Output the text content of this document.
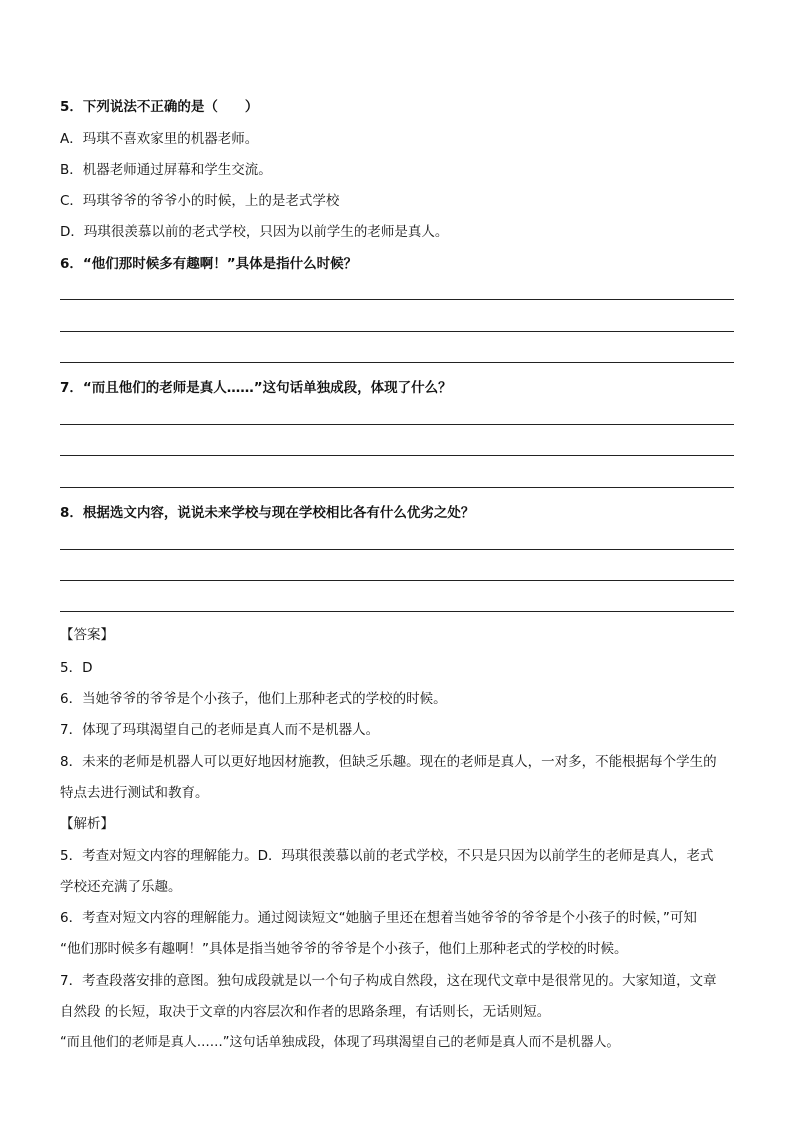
5．下列说法不正确的是（　　）
A．玛琪不喜欢家里的机器老师。
B．机器老师通过屏幕和学生交流。
C．玛琪爷爷的爷爷小的时候，上的是老式学校
D．玛琪很羡慕以前的老式学校，只因为以前学生的老师是真人。
6．“他们那时候多有趣啊！”具体是指什么时候？
7．“而且他们的老师是真人……”这句话单独成段，体现了什么？
8．根据选文内容，说说未来学校与现在学校相比各有什么优劣之处？
【答案】
5．D
6．当她爷爷的爷爷是个小孩子，他们上那种老式的学校的时候。
7．体现了玛琪渴望自己的老师是真人而不是机器人。
8．未来的老师是机器人可以更好地因材施教，但缺乏乐趣。现在的老师是真人，一对多，不能根据每个学生的
特点去进行测试和教育。
【解析】
5．考查对短文内容的理解能力。D．玛琪很羡慕以前的老式学校，不只是只因为以前学生的老师是真人，老式
学校还充满了乐趣。
6．考查对短文内容的理解能力。通过阅读短文“她脑子里还在想着当她爷爷的爷爷是个小孩子的时候，”可知
“他们那时候多有趣啊！”具体是指当她爷爷的爷爷是个小孩子，他们上那种老式的学校的时候。
7．考查段落安排的意图。独句成段就是以一个句子构成自然段，这在现代文章中是很常见的。大家知道，文章
自然段 的长短，取决于文章的内容层次和作者的思路条理，有话则长，无话则短。
“而且他们的老师是真人……”这句话单独成段，体现了玛琪渴望自己的老师是真人而不是机器人。
